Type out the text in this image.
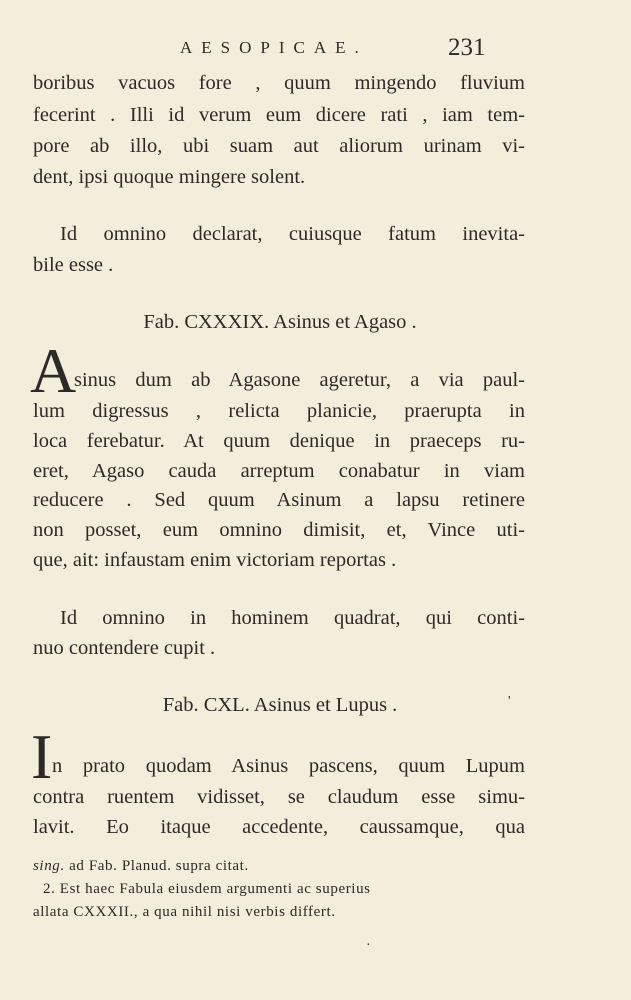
AESOPICAE.	231
boribus vacuos fore , quum mingendo fluvium
fecerint . Illi id verum eum dicere rati , iam tem-
pore ab illo, ubi suam aut aliorum urinam vi-
dent, ipsi quoque mingere solent.
Id omnino declarat, cuiusque fatum inevita-
bile esse .
Fab. CXXXIX. Asinus et Agaso .
A
sinus dum ab Agasone ageretur, a via paul-
lum digressus , relicta planicie, praerupta in
loca ferebatur. At quum denique in praeceps ru-
eret, Agaso cauda arreptum conabatur in viam
reducere . Sed quum Asinum a lapsu retinere
non posset, eum omnino dimisit, et, Vince uti-
que, ait: infaustam enim victoriam reportas .
Id omnino in hominem quadrat, qui conti-
nuo contendere cupit .
Fab. CXL. Asinus et Lupus .	'
I n prato quodam Asinus pascens, quum Lupum
contra ruentem vidisset, se claudum esse simu-
lavit. Eo itaque accedente, caussamque, qua
sing. ad Fab. Planud. supra citat.
2. Est haec Fabula eiusdem argumenti ac superius
allata CXXXII., a qua nihil nisi verbis differt.
·
